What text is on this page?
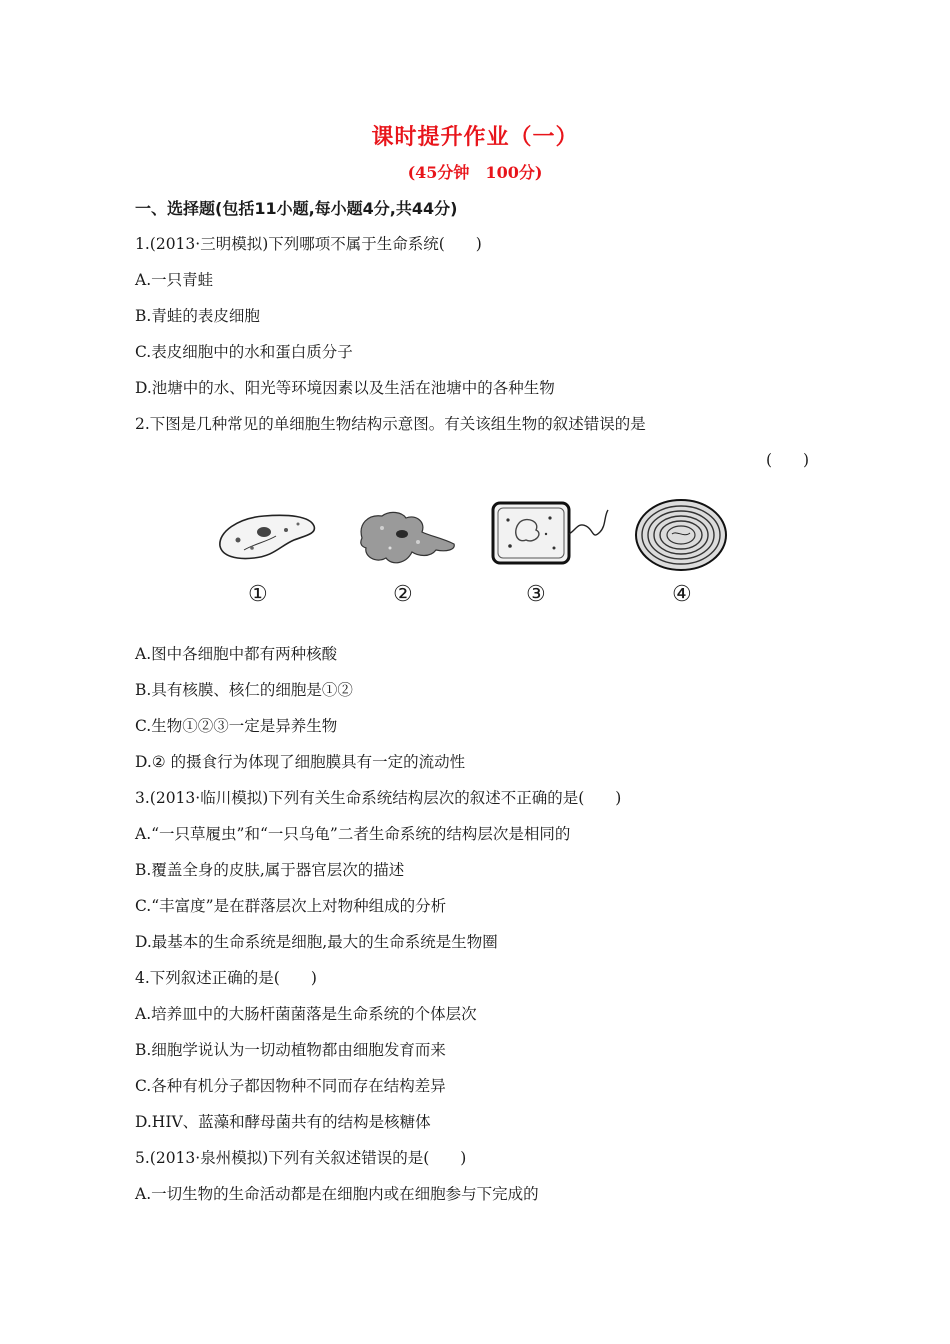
课时提升作业（一）
(45分钟　100分)
一、选择题(包括11小题,每小题4分,共44分)
1.(2013·三明模拟)下列哪项不属于生命系统(　　)
A.一只青蛙
B.青蛙的表皮细胞
C.表皮细胞中的水和蛋白质分子
D.池塘中的水、阳光等环境因素以及生活在池塘中的各种生物
2.下图是几种常见的单细胞生物结构示意图。有关该组生物的叙述错误的是
(　　)
①	②	③	④
A.图中各细胞中都有两种核酸
B.具有核膜、核仁的细胞是①②
C.生物①②③一定是异养生物
D.② 的摄食行为体现了细胞膜具有一定的流动性
3.(2013·临川模拟)下列有关生命系统结构层次的叙述不正确的是(　　)
A.“一只草履虫”和“一只乌龟”二者生命系统的结构层次是相同的
B.覆盖全身的皮肤,属于器官层次的描述
C.“丰富度”是在群落层次上对物种组成的分析
D.最基本的生命系统是细胞,最大的生命系统是生物圈
4.下列叙述正确的是(　　)
A.培养皿中的大肠杆菌菌落是生命系统的个体层次
B.细胞学说认为一切动植物都由细胞发育而来
C.各种有机分子都因物种不同而存在结构差异
D.HIV、蓝藻和酵母菌共有的结构是核糖体
5.(2013·泉州模拟)下列有关叙述错误的是(　　)
A.一切生物的生命活动都是在细胞内或在细胞参与下完成的
